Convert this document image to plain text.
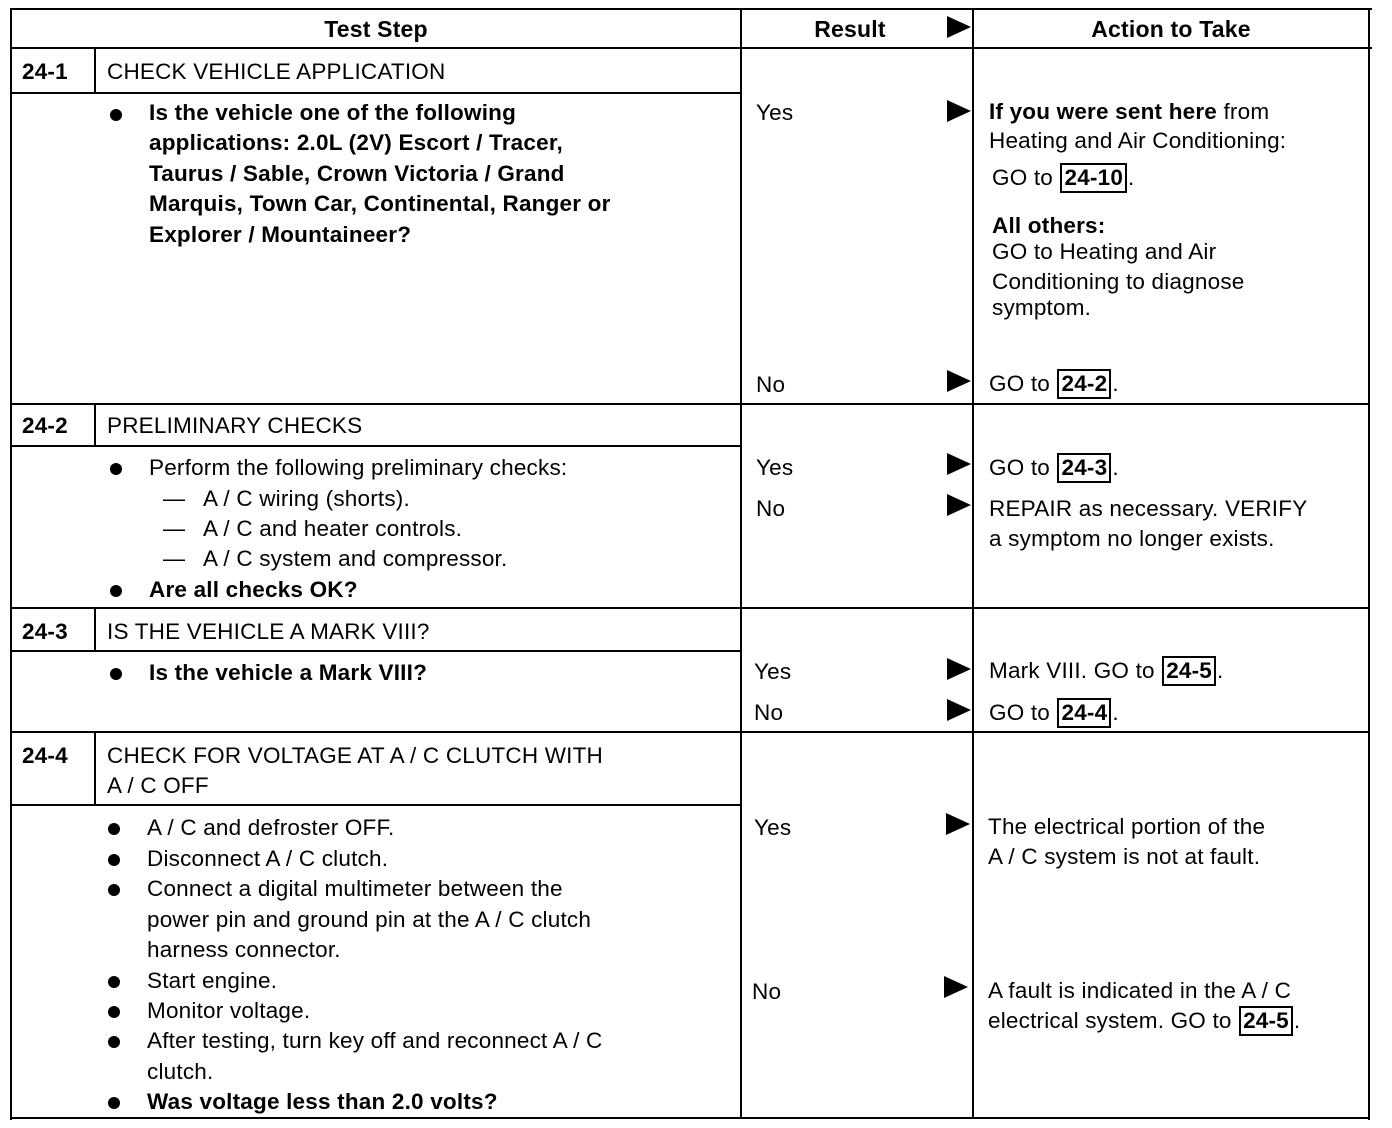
Test Step	Result	Action to Take
24-1 CHECK VEHICLE APPLICATION
Is the vehicle one of the following
applications: 2.0L (2V) Escort / Tracer,
Taurus / Sable, Crown Victoria / Grand
Marquis, Town Car, Continental, Ranger or
Explorer / Mountaineer?
Yes	If you were sent here from
Heating and Air Conditioning:
GO to 24-10 .
All others:
GO to Heating and Air
Conditioning to diagnose
symptom.
No	GO to 24-2 .
24-2 PRELIMINARY CHECKS
Perform the following preliminary checks:
— A / C wiring (shorts).
— A / C and heater controls.
— A / C system and compressor.
Are all checks OK?
Yes	GO to 24-3 .
No	REPAIR as necessary. VERIFY
a symptom no longer exists.
24-3 IS THE VEHICLE A MARK VIII?
Is the vehicle a Mark VIII?	Yes	Mark VIII. GO to 24-5 .
No	GO to 24-4 .
24-4 CHECK FOR VOLTAGE AT A / C CLUTCH WITH
A / C OFF
A / C and defroster OFF.
Disconnect A / C clutch.
Connect a digital multimeter between the
power pin and ground pin at the A / C clutch
harness connector.
Start engine.
Monitor voltage.
After testing, turn key off and reconnect A / C
clutch.
Was voltage less than 2.0 volts?
Yes	The electrical portion of the
A / C system is not at fault.
No	A fault is indicated in the A / C
electrical system. GO to 24-5 .
